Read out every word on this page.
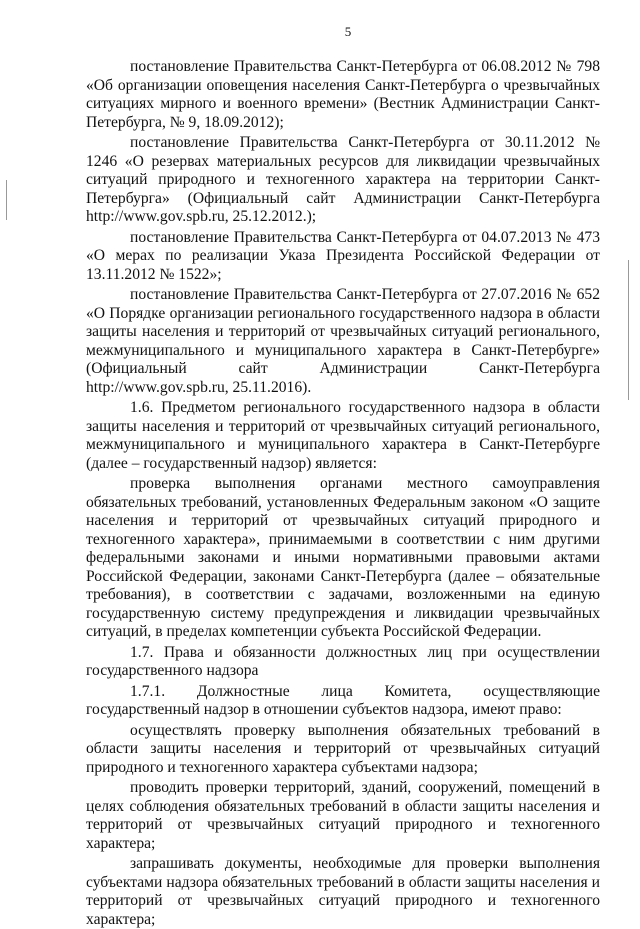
5

постановление Правительства Санкт-Петербурга от 06.08.2012 № 798 «Об организации оповещения населения Санкт-Петербурга о чрезвычайных ситуациях мирного и военного времени» (Вестник Администрации Санкт-Петербурга, № 9, 18.09.2012);

постановление Правительства Санкт-Петербурга от 30.11.2012 № 1246 «О резервах материальных ресурсов для ликвидации чрезвычайных ситуаций природного и техногенного характера на территории Санкт-Петербурга» (Официальный сайт Администрации Санкт-Петербурга http://www.gov.spb.ru, 25.12.2012.);

постановление Правительства Санкт-Петербурга от 04.07.2013 № 473 «О мерах по реализации Указа Президента Российской Федерации от 13.11.2012 № 1522»;

постановление Правительства Санкт-Петербурга от 27.07.2016 № 652 «О Порядке организации регионального государственного надзора в области защиты населения и территорий от чрезвычайных ситуаций регионального, межмуниципального и муниципального характера в Санкт-Петербурге» (Официальный сайт Администрации Санкт-Петербурга http://www.gov.spb.ru, 25.11.2016).

1.6. Предметом регионального государственного надзора в области защиты населения и территорий от чрезвычайных ситуаций регионального, межмуниципального и муниципального характера в Санкт-Петербурге (далее – государственный надзор) является:

проверка выполнения органами местного самоуправления обязательных требований, установленных Федеральным законом «О защите населения и территорий от чрезвычайных ситуаций природного и техногенного характера», принимаемыми в соответствии с ним другими федеральными законами и иными нормативными правовыми актами Российской Федерации, законами Санкт-Петербурга (далее – обязательные требования), в соответствии с задачами, возложенными на единую государственную систему предупреждения и ликвидации чрезвычайных ситуаций, в пределах компетенции субъекта Российской Федерации.

1.7. Права и обязанности должностных лиц при осуществлении государственного надзора

1.7.1. Должностные лица Комитета, осуществляющие государственный надзор в отношении субъектов надзора, имеют право:

осуществлять проверку выполнения обязательных требований в области защиты населения и территорий от чрезвычайных ситуаций природного и техногенного характера субъектами надзора;

проводить проверки территорий, зданий, сооружений, помещений в целях соблюдения обязательных требований в области защиты населения и территорий от чрезвычайных ситуаций природного и техногенного характера;

запрашивать документы, необходимые для проверки выполнения субъектами надзора обязательных требований в области защиты населения и территорий от чрезвычайных ситуаций природного и техногенного характера;
